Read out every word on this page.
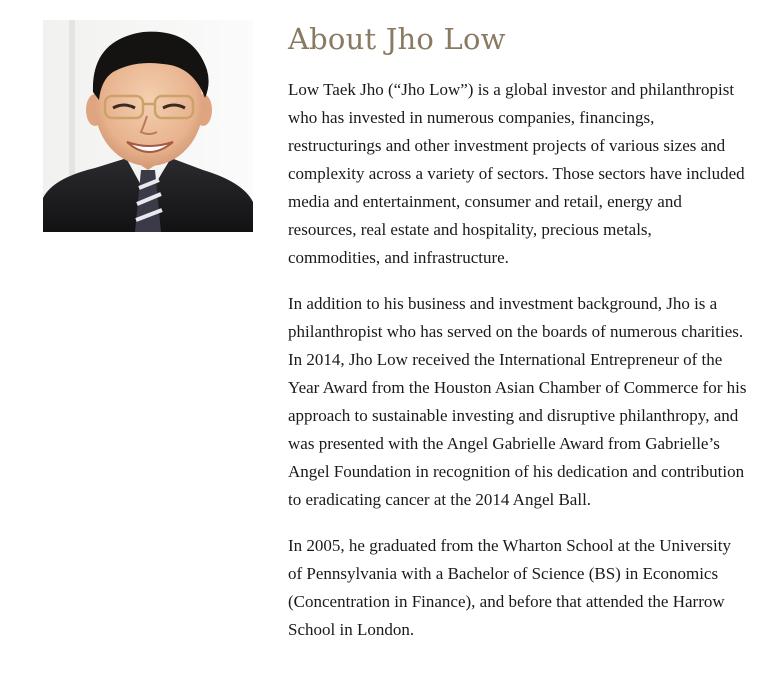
About Jho Low

Low Taek Jho (“Jho Low”) is a global investor and philanthropist who has invested in numerous companies, financings, restructurings and other investment projects of various sizes and complexity across a variety of sectors. Those sectors have included media and entertainment, consumer and retail, energy and resources, real estate and hospitality, precious metals, commodities, and infrastructure.

In addition to his business and investment background, Jho is a philanthropist who has served on the boards of numerous charities. In 2014, Jho Low received the International Entrepreneur of the Year Award from the Houston Asian Chamber of Commerce for his approach to sustainable investing and disruptive philanthropy, and was presented with the Angel Gabrielle Award from Gabrielle’s Angel Foundation in recognition of his dedication and contribution to eradicating cancer at the 2014 Angel Ball.

In 2005, he graduated from the Wharton School at the University of Pennsylvania with a Bachelor of Science (BS) in Economics (Concentration in Finance), and before that attended the Harrow School in London.
